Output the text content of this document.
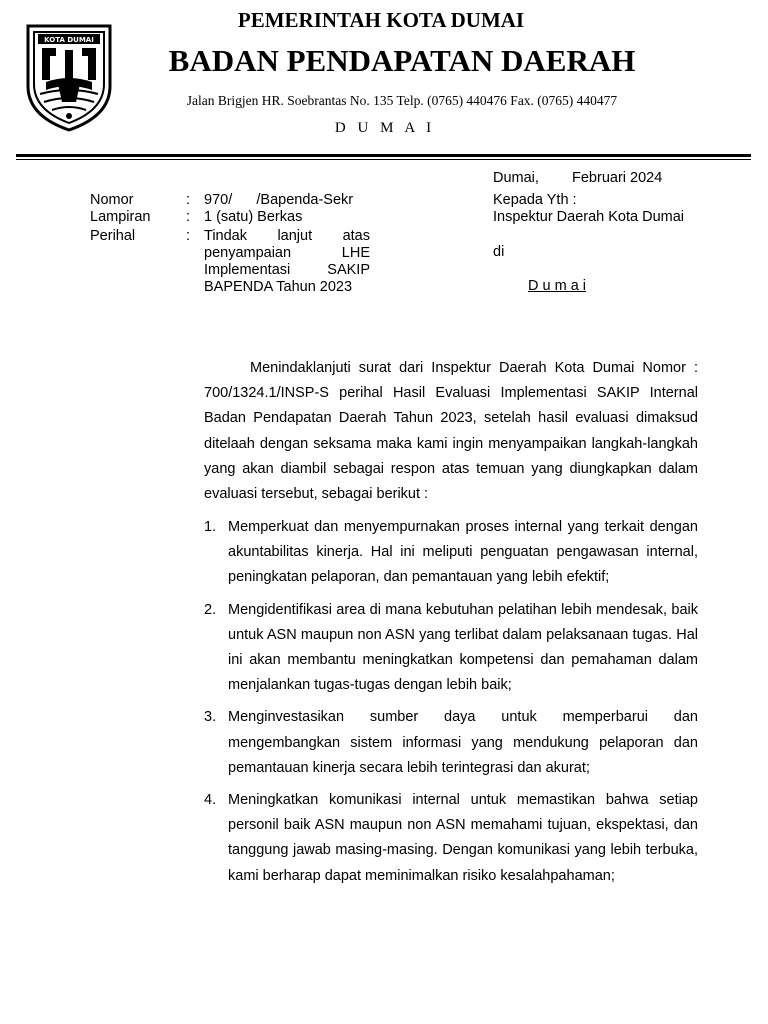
KOTA DUMAI
PEMERINTAH KOTA DUMAI
BADAN PENDAPATAN DAERAH
Jalan Brigjen HR. Soebrantas No. 135 Telp. (0765) 440476 Fax. (0765) 440477
D U M A I
Dumai, Februari 2024
Nomor	: 970/      /Bapenda-Sekr
Lampiran : 1 (satu) Berkas
Perihal	: Tindak lanjut atas
penyampaian LHE
Implementasi SAKIP
BAPENDA Tahun 2023
Kepada Yth :
Inspektur Daerah Kota Dumai
di
D u m a i
Menindaklanjuti surat dari Inspektur Daerah Kota Dumai Nomor : 700/1324.1/INSP-S perihal Hasil Evaluasi Implementasi SAKIP Internal Badan Pendapatan Daerah Tahun 2023, setelah hasil evaluasi dimaksud ditelaah dengan seksama maka kami ingin menyampaikan langkah-langkah yang akan diambil sebagai respon atas temuan yang diungkapkan dalam evaluasi tersebut, sebagai berikut :
1. Memperkuat dan menyempurnakan proses internal yang terkait dengan akuntabilitas kinerja. Hal ini meliputi penguatan pengawasan internal, peningkatan pelaporan, dan pemantauan yang lebih efektif;
2. Mengidentifikasi area di mana kebutuhan pelatihan lebih mendesak, baik untuk ASN maupun non ASN yang terlibat dalam pelaksanaan tugas. Hal ini akan membantu meningkatkan kompetensi dan pemahaman dalam menjalankan tugas-tugas dengan lebih baik;
3. Menginvestasikan sumber daya untuk memperbarui dan mengembangkan sistem informasi yang mendukung pelaporan dan pemantauan kinerja secara lebih terintegrasi dan akurat;
4. Meningkatkan komunikasi internal untuk memastikan bahwa setiap personil baik ASN maupun non ASN memahami tujuan, ekspektasi, dan tanggung jawab masing-masing. Dengan komunikasi yang lebih terbuka, kami berharap dapat meminimalkan risiko kesalahpahaman;
